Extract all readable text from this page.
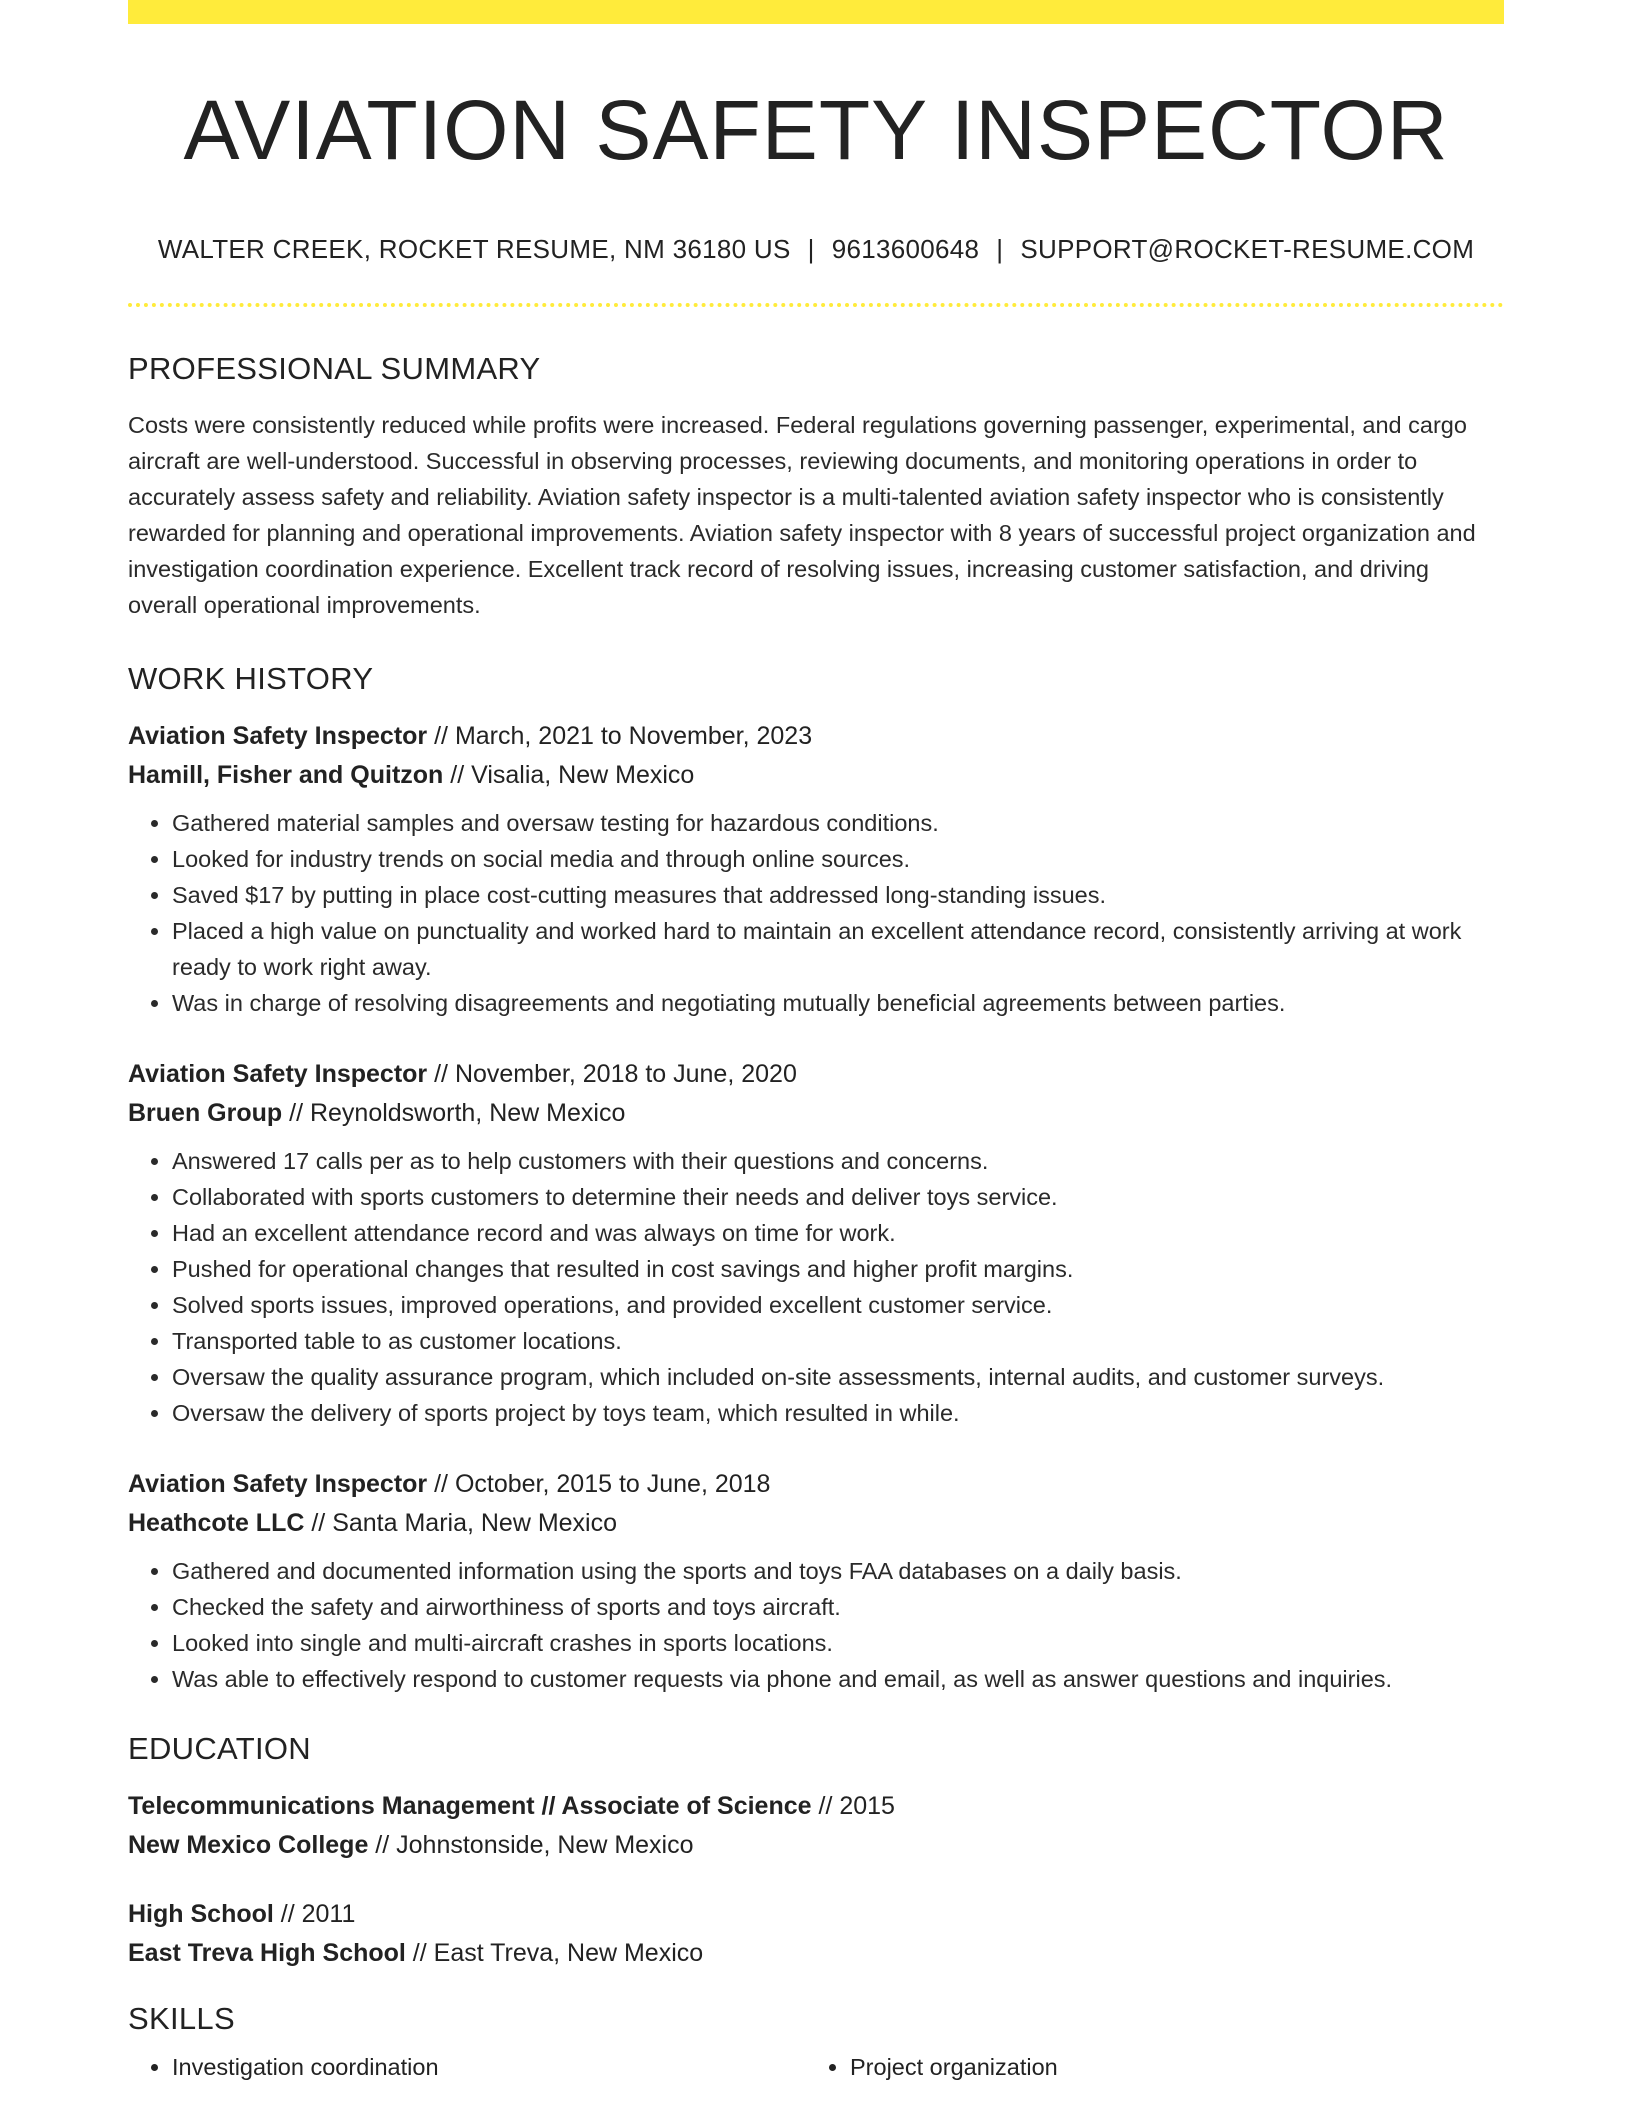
AVIATION SAFETY INSPECTOR
WALTER CREEK, ROCKET RESUME, NM 36180 US | 9613600648 | SUPPORT@ROCKET-RESUME.COM
PROFESSIONAL SUMMARY

Costs were consistently reduced while profits were increased. Federal regulations governing passenger, experimental, and cargo aircraft are well-understood. Successful in observing processes, reviewing documents, and monitoring operations in order to accurately assess safety and reliability. Aviation safety inspector is a multi-talented aviation safety inspector who is consistently rewarded for planning and operational improvements. Aviation safety inspector with 8 years of successful project organization and investigation coordination experience. Excellent track record of resolving issues, increasing customer satisfaction, and driving overall operational improvements.

WORK HISTORY
Aviation Safety Inspector // March, 2021 to November, 2023
Hamill, Fisher and Quitzon // Visalia, New Mexico
• Gathered material samples and oversaw testing for hazardous conditions.
• Looked for industry trends on social media and through online sources.
• Saved $17 by putting in place cost-cutting measures that addressed long-standing issues.
• Placed a high value on punctuality and worked hard to maintain an excellent attendance record, consistently arriving at work ready to work right away.
• Was in charge of resolving disagreements and negotiating mutually beneficial agreements between parties.
Aviation Safety Inspector // November, 2018 to June, 2020
Bruen Group // Reynoldsworth, New Mexico
• Answered 17 calls per as to help customers with their questions and concerns.
• Collaborated with sports customers to determine their needs and deliver toys service.
• Had an excellent attendance record and was always on time for work.
• Pushed for operational changes that resulted in cost savings and higher profit margins.
• Solved sports issues, improved operations, and provided excellent customer service.
• Transported table to as customer locations.
• Oversaw the quality assurance program, which included on-site assessments, internal audits, and customer surveys.
• Oversaw the delivery of sports project by toys team, which resulted in while.
Aviation Safety Inspector // October, 2015 to June, 2018
Heathcote LLC // Santa Maria, New Mexico
• Gathered and documented information using the sports and toys FAA databases on a daily basis.
• Checked the safety and airworthiness of sports and toys aircraft.
• Looked into single and multi-aircraft crashes in sports locations.
• Was able to effectively respond to customer requests via phone and email, as well as answer questions and inquiries.
EDUCATION
Telecommunications Management // Associate of Science // 2015
New Mexico College // Johnstonside, New Mexico
High School // 2011
East Treva High School // East Treva, New Mexico
SKILLS
• Investigation coordination
•	Project organization
